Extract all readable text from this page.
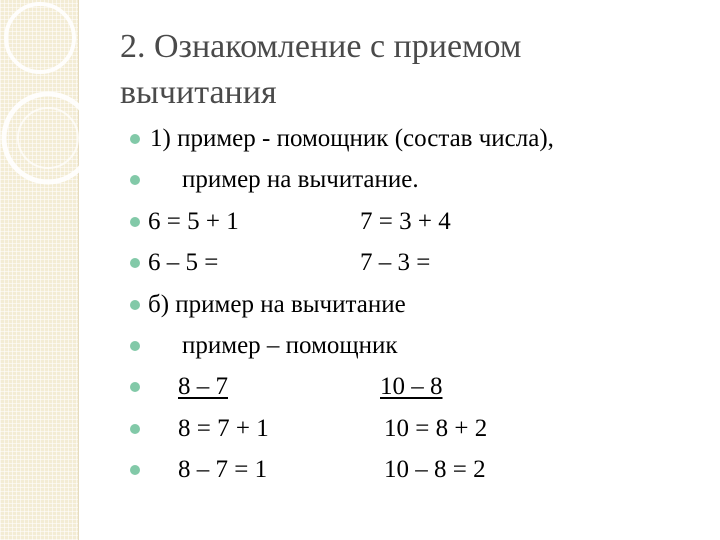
2. Ознакомление с приемом
вычитания
1) пример - помощник (состав числа),
пример на вычитание.
6 = 5 + 1	7 = 3 + 4
6 – 5 =	7 – 3 =
б) пример на вычитание
пример – помощник
8 – 7	10 – 8
8 = 7 + 1	10 = 8 + 2
8 – 7 = 1	10 – 8 = 2
